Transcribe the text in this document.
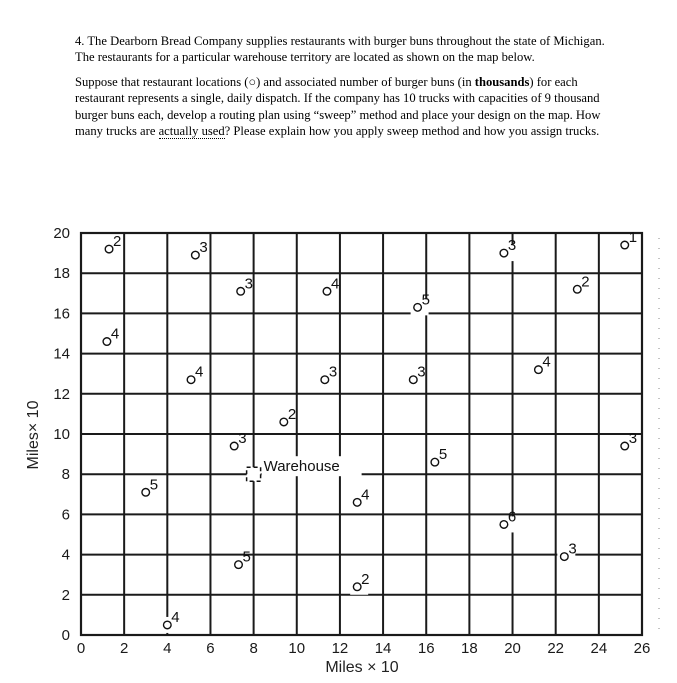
4. The Dearborn Bread Company supplies restaurants with burger buns throughout the state of Michigan. The restaurants for a particular warehouse territory are located as shown on the map below.

Suppose that restaurant locations (○) and associated number of burger buns (in thousands) for each restaurant represents a single, daily dispatch. If the company has 10 trucks with capacities of 9 thousand burger buns each, develop a routing plan using “sweep” method and place your design on the map. How many trucks are actually used? Please explain how you apply sweep method and how you assign trucks.

0 2 4 6 8 10 12 14 16 18 20 22 24 26
0
2
4
6
8
10
12
14
16
18
20
Miles × 10
Miles× 10
2	3	3	1
3	4	2
5
4
4	3	3
4
2
3	3
5
5
4
6
5	3
2
4
Warehouse
